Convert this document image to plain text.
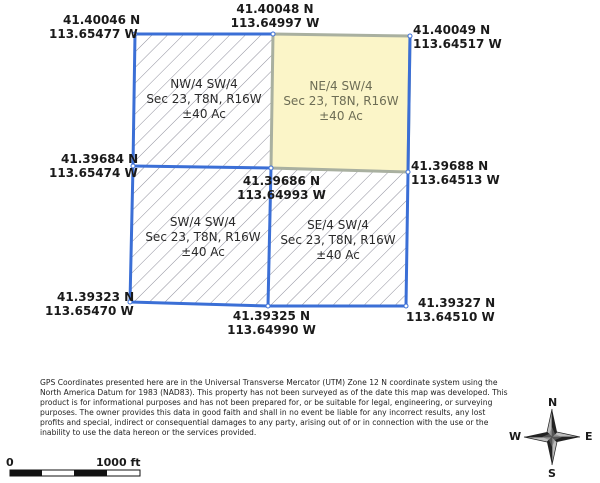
41.40046 N
113.65477 W
41.40048 N
113.64997 W	41.40049 N
113.64517 W
41.39684 N
113.65474 W
41.39686 N
113.64993 W
41.39688 N
113.64513 W
41.39323 N
113.65470 W	41.39325 N
113.64990 W
41.39327 N
113.64510 W
NW/4 SW/4
Sec 23, T8N, R16W
±40 Ac
NE/4 SW/4
Sec 23, T8N, R16W
±40 Ac
SW/4 SW/4
Sec 23, T8N, R16W
±40 Ac
SE/4 SW/4
Sec 23, T8N, R16W
±40 Ac
GPS Coordinates presented here are in the Universal Transverse Mercator (UTM) Zone 12 N coordinate system using the North America Datum for 1983 (NAD83). This property has not been surveyed as of the date this map was developed. This product is for informational purposes and has not been prepared for, or be suitable for legal, engineering, or surveying purposes. The owner provides this data in good faith and shall in no event be liable for any incorrect results, any lost profits and special, indirect or consequential damages to any party, arising out of or in connection with the use or the inability to use the data hereon or the services provided.
N
S
E
W
0	1000 ft
